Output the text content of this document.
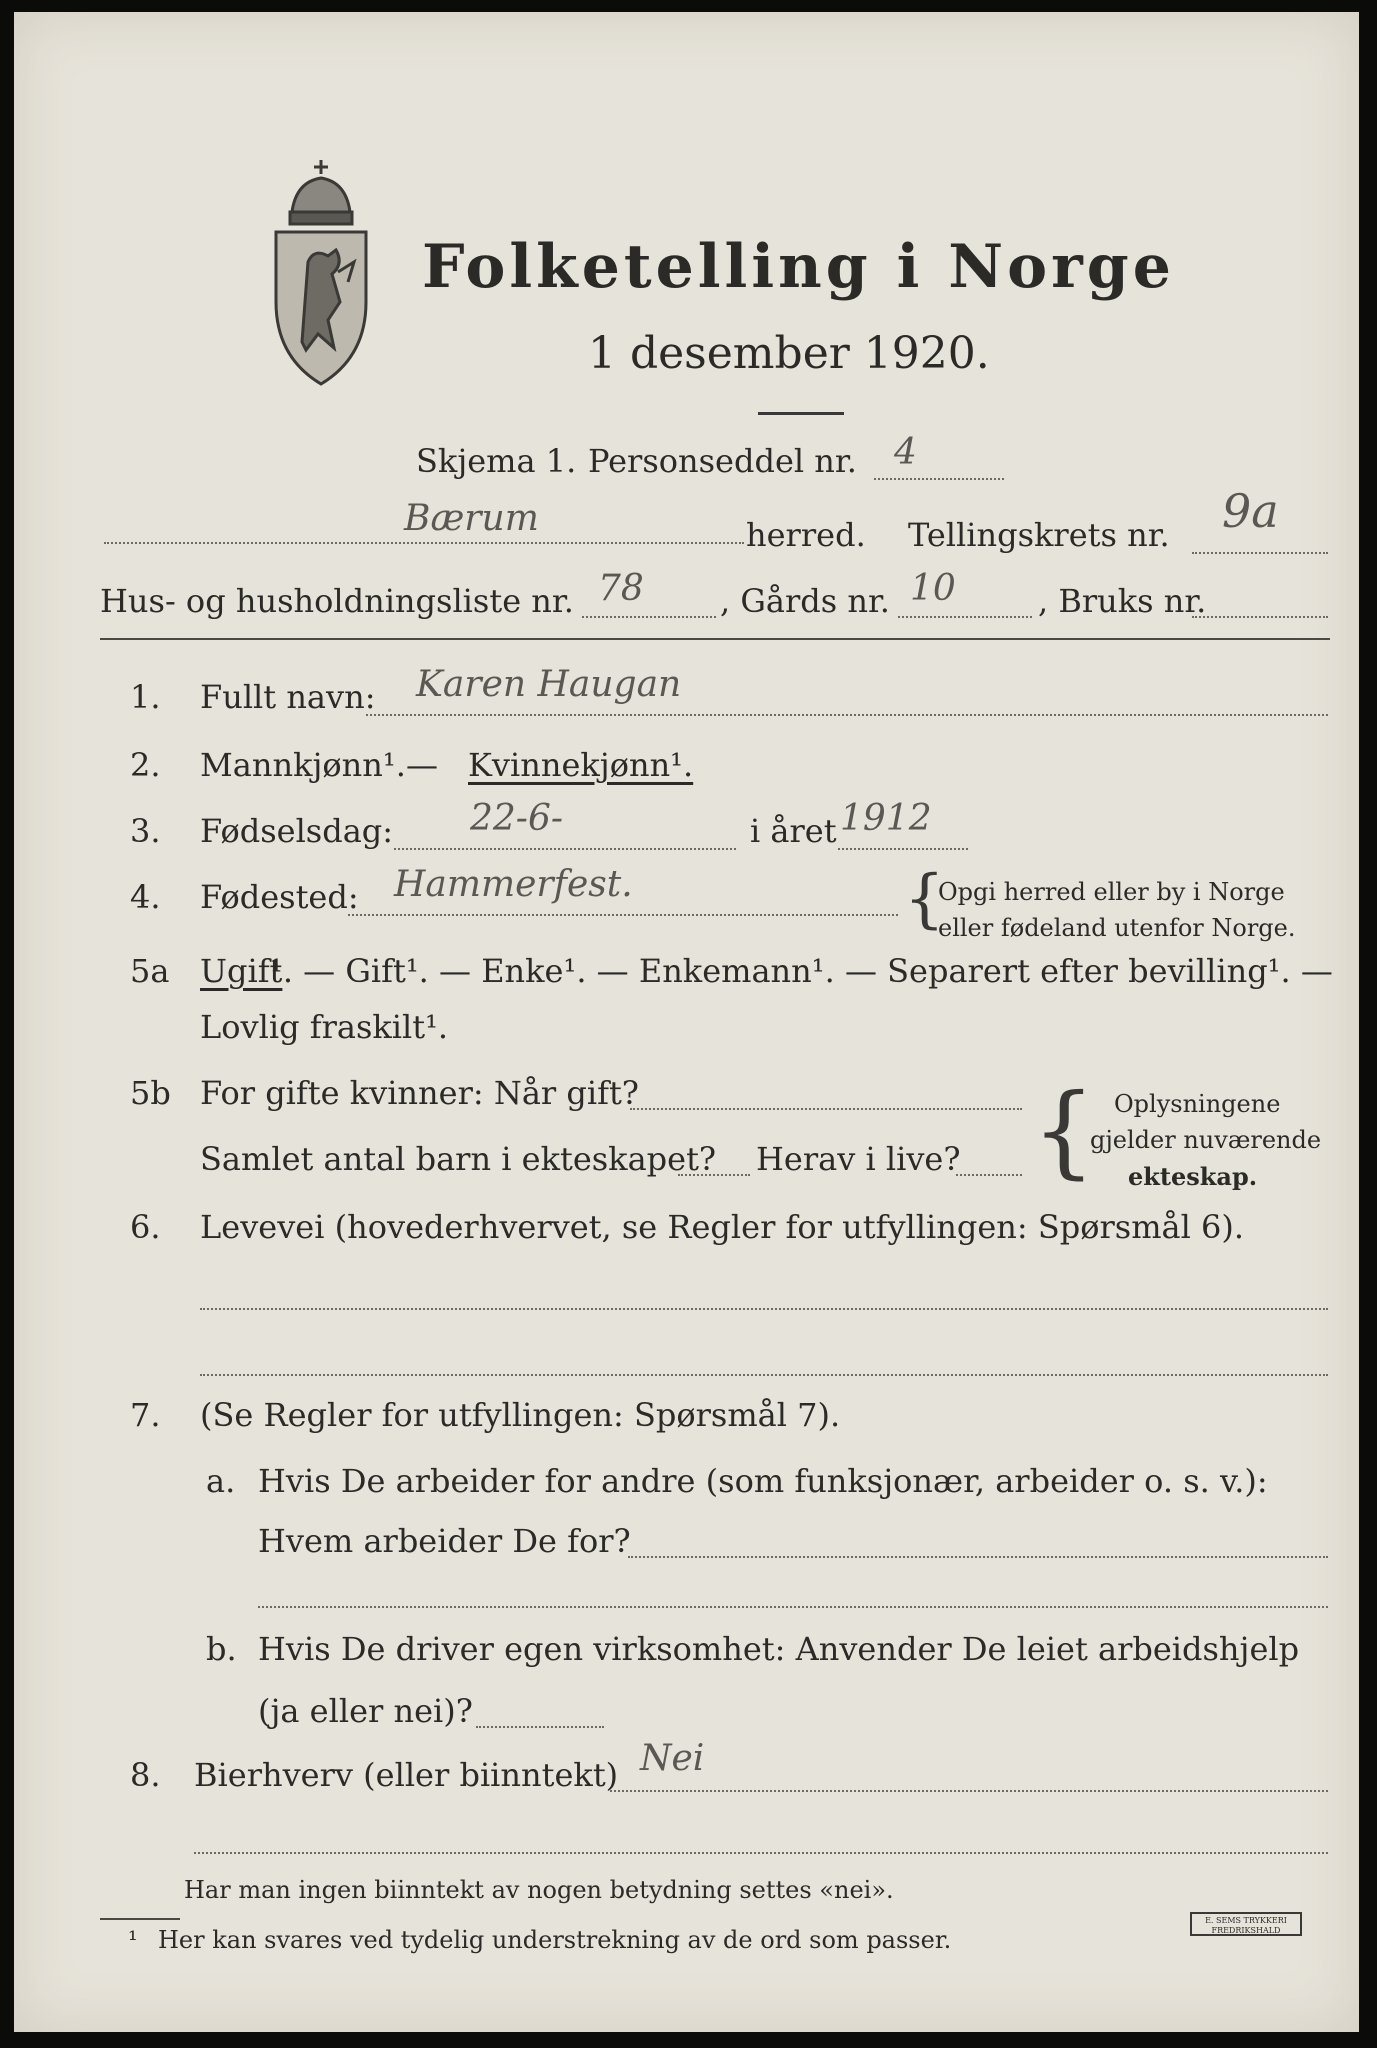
Folketelling i Norge
1 desember 1920.
Skjema 1. Personseddel nr. 4
Bærum	herred. Tellingskrets nr. 9a
Hus- og husholdningsliste nr. 78 , Gårds nr. 10	, Bruks nr.
1. Fullt navn: Karen Haugan
2. Mannkjønn¹. — Kvinnekjønn¹.
3. Fødselsdag: 22-6-	i året 1912
4. Fødested: Hammerfest.	{
Opgi herred eller by i Norge
eller fødeland utenfor Norge.
5a Ugift
¹. — Gift¹. — Enke¹. — Enkemann¹. — Separert efter bevilling¹. —
Lovlig fraskilt¹.
5b For gifte kvinner: Når gift?
Samlet antal barn i ekteskapet? Herav i live? { Oplysningene
gjelder nuværende
ekteskap.
6. Levevei (hovederhvervet, se Regler for utfyllingen: Spørsmål 6).
7. (Se Regler for utfyllingen: Spørsmål 7).
a. Hvis De arbeider for andre (som funksjonær, arbeider o. s. v.):
Hvem arbeider De for?
b. Hvis De driver egen virksomhet: Anvender De leiet arbeidshjelp
(ja eller nei)?
8. Bierhverv (eller biinntekt) Nei
Har man ingen biinntekt av nogen betydning settes «nei».
¹ Her kan svares ved tydelig understrekning av de ord som passer.
E. SEMS TRYKKERI FREDRIKSHALD
